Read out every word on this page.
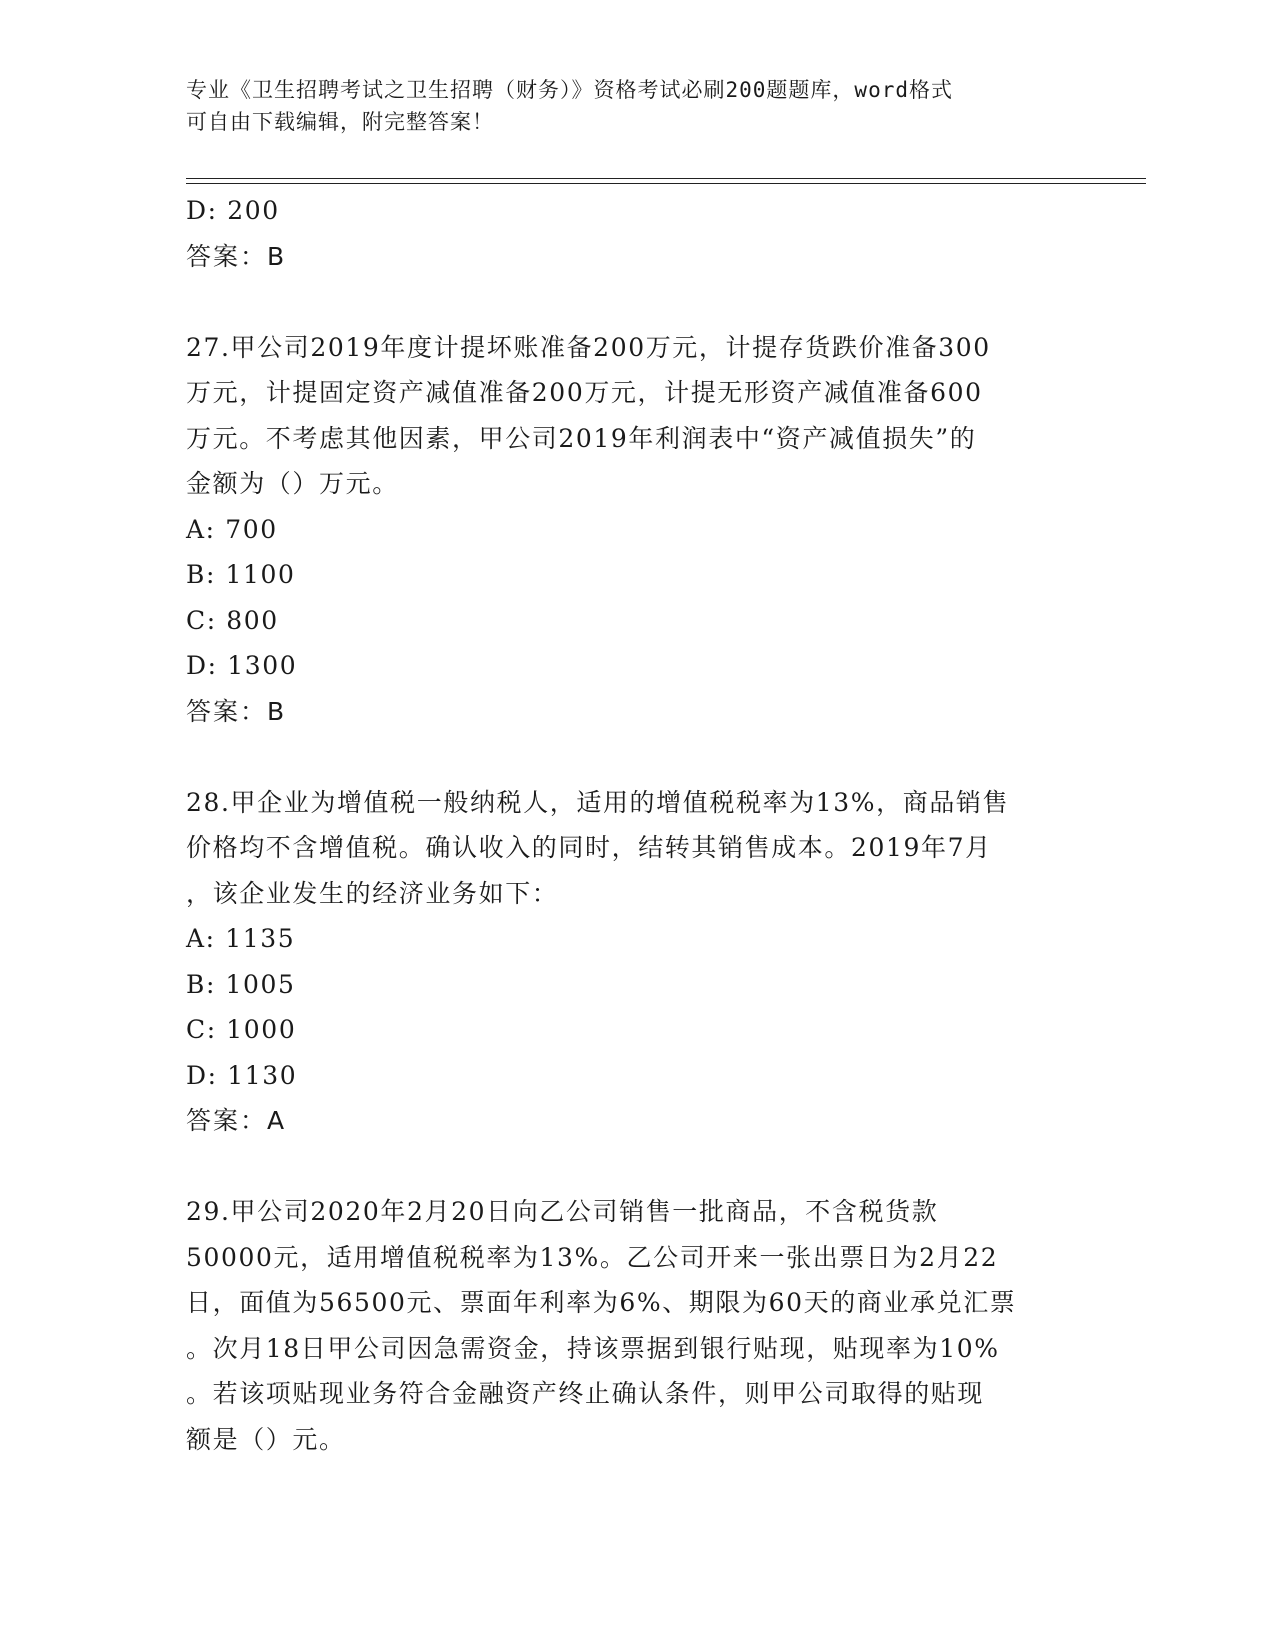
专业《卫生招聘考试之卫生招聘（财务）》资格考试必刷200题题库，word格式
可自由下载编辑，附完整答案！
D: 200
答案：B
27.甲公司2019年度计提坏账准备200万元，计提存货跌价准备300
万元，计提固定资产减值准备200万元，计提无形资产减值准备600
万元。不考虑其他因素，甲公司2019年利润表中“资产减值损失”的
金额为（）万元。
A: 700
B: 1100
C: 800
D: 1300
答案：B
28.甲企业为增值税一般纳税人，适用的增值税税率为13%，商品销售
价格均不含增值税。确认收入的同时，结转其销售成本。2019年7月
，该企业发生的经济业务如下：
A: 1135
B: 1005
C: 1000
D: 1130
答案：A
29.甲公司2020年2月20日向乙公司销售一批商品，不含税货款
50000元，适用增值税税率为13%。乙公司开来一张出票日为2月22
日，面值为56500元、票面年利率为6%、期限为60天的商业承兑汇票
。次月18日甲公司因急需资金，持该票据到银行贴现，贴现率为10%
。若该项贴现业务符合金融资产终止确认条件，则甲公司取得的贴现
额是（）元。
